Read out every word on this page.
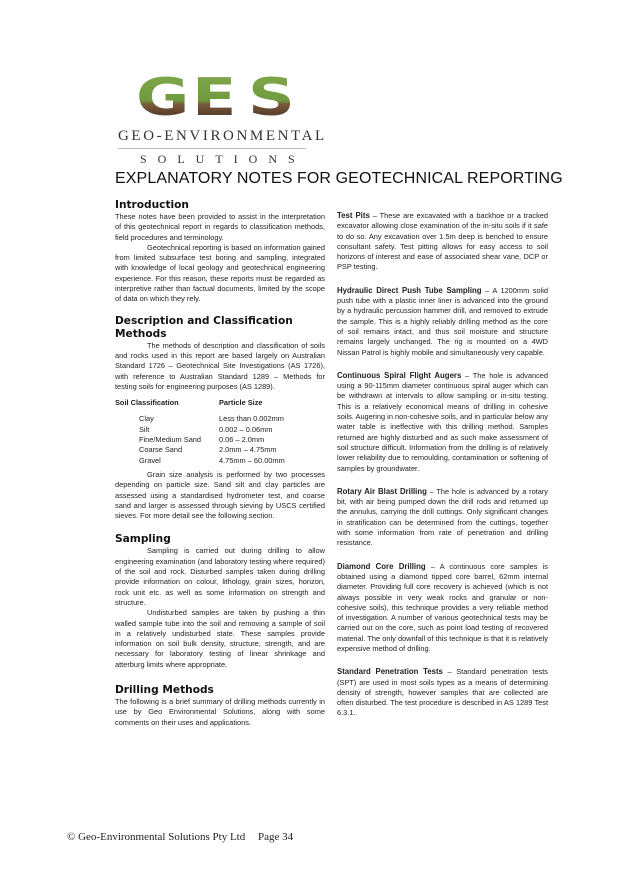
G E S
GEO-ENVIRONMENTAL
SOLUTIONS
EXPLANATORY NOTES FOR GEOTECHNICAL REPORTING
Introduction

These notes have been provided to assist in the interpretation of this geotechnical report in regards to classification methods, field procedures and terminology.

Geotechnical reporting is based on information gained from limited subsurface test boring and sampling, integrated with knowledge of local geology and geotechnical engineering experience. For this reason, these reports must be regarded as interpretive rather than factual documents, limited by the scope of data on which they rely.

Description and Classification Methods

The methods of description and classification of soils and rocks used in this report are based largely on Australian Standard 1726 – Geotechnical Site Investigations (AS 1726), with reference to Australian Standard 1289 – Methods for testing soils for engineering purposes (AS 1289).

Soil Classification	Particle Size
Clay	Less than 0.002mm
Silt	0.002 – 0.06mm
Fine/Medium Sand	0.06 – 2.0mm
Coarse Sand	2.0mm – 4.75mm
Gravel	4.75mm – 60.00mm

Grain size analysis is performed by two processes depending on particle size. Sand silt and clay particles are assessed using a standardised hydrometer test, and coarse sand and larger is assessed through sieving by USCS certified sieves. For more detail see the following section.

Sampling

Sampling is carried out during drilling to allow engineering examination (and laboratory testing where required) of the soil and rock. Disturbed samples taken during drilling provide information on colour, lithology, grain sizes, horizon, rock unit etc. as well as some information on strength and structure.

Undisturbed samples are taken by pushing a thin walled sample tube into the soil and removing a sample of soil in a relatively undisturbed state. These samples provide information on soil bulk density, structure, strength, and are necessary for laboratory testing of linear shrinkage and atterburg limits where appropriate.

Drilling Methods

The following is a brief summary of drilling methods currently in use by Geo Environmental Solutions, along with some comments on their uses and applications.

Test Pits – These are excavated with a backhoe or a tracked excavator allowing close examination of the in-situ soils if it safe to do so. Any excavation over 1.5m deep is benched to ensure consultant safety. Test pitting allows for easy access to soil horizons of interest and ease of associated shear vane, DCP or PSP testing.

Hydraulic Direct Push Tube Sampling – A 1200mm solid push tube with a plastic inner liner is advanced into the ground by a hydraulic percussion hammer drill, and removed to extrude the sample. This is a highly reliably drilling method as the core of soil remains intact, and thus soil moisture and structure remains largely unchanged. The rig is mounted on a 4WD Nissan Patrol is highly mobile and simultaneously very capable.

Continuous Spiral Flight Augers – The hole is advanced using a 90-115mm diameter continuous spiral auger which can be withdrawn at intervals to allow sampling or in-situ testing. This is a relatively economical means of drilling in cohesive soils. Augering in non-cohesive soils, and in particular below any water table is ineffective with this drilling method. Samples returned are highly disturbed and as such make assessment of soil structure difficult. Information from the drilling is of relatively lower reliability due to remoulding, contamination or softening of samples by groundwater.

Rotary Air Blast Drilling – The hole is advanced by a rotary bit, with air being pumped down the drill rods and returned up the annulus, carrying the drill cuttings. Only significant changes in stratification can be determined from the cuttings, together with some information from rate of penetration and drilling resistance.

Diamond Core Drilling – A continuous core samples is obtained using a diamond tipped core barrel, 62mm internal diameter. Providing full core recovery is achieved (which is not always possible in very weak rocks and granular or non-cohesive soils), this technique provides a very reliable method of investigation. A number of various geotechnical tests may be carried out on the core, such as point load testing of recovered material. The only downfall of this technique is that it is relatively expensive method of drilling.

Standard Penetration Tests – Standard penetration tests (SPT) are used in most soils types as a means of determining density of strength, however samples that are collected are often disturbed. The test procedure is described in AS 1289 Test 6.3.1.

© Geo-Environmental Solutions Pty Ltd Page 34
